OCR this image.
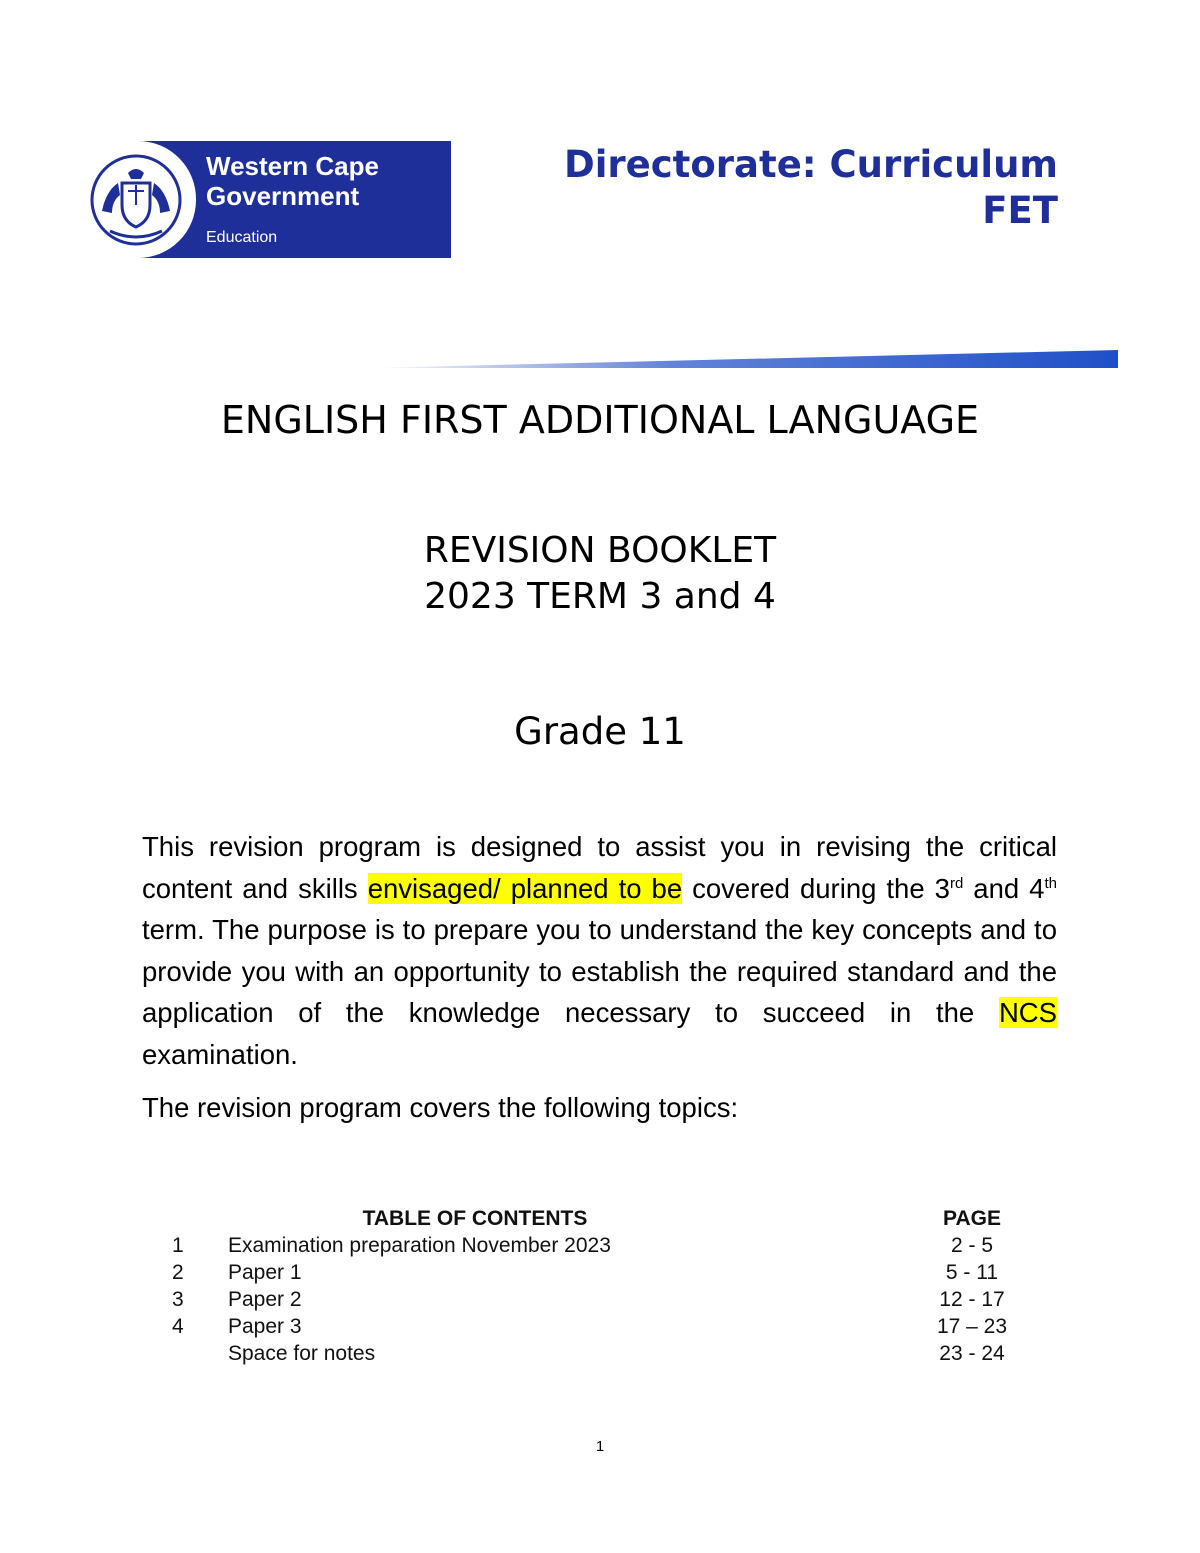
Western Cape
Government
Education
Directorate: Curriculum
FET
ENGLISH FIRST ADDITIONAL LANGUAGE
REVISION BOOKLET
2023 TERM 3 and 4
Grade 11
This revision program is designed to assist you in revising the critical content and skills envisaged/ planned to be covered during the 3rd and 4th term. The purpose is to prepare you to understand the key concepts and to provide you with an opportunity to establish the required standard and the application of the knowledge necessary to succeed in the NCS examination.
The revision program covers the following topics:
	TABLE OF CONTENTS	PAGE
1	Examination preparation November 2023	2 - 5
2	Paper 1	5 - 11
3	Paper 2	12 - 17
4	Paper 3	17 – 23
	Space for notes	23 - 24
1
